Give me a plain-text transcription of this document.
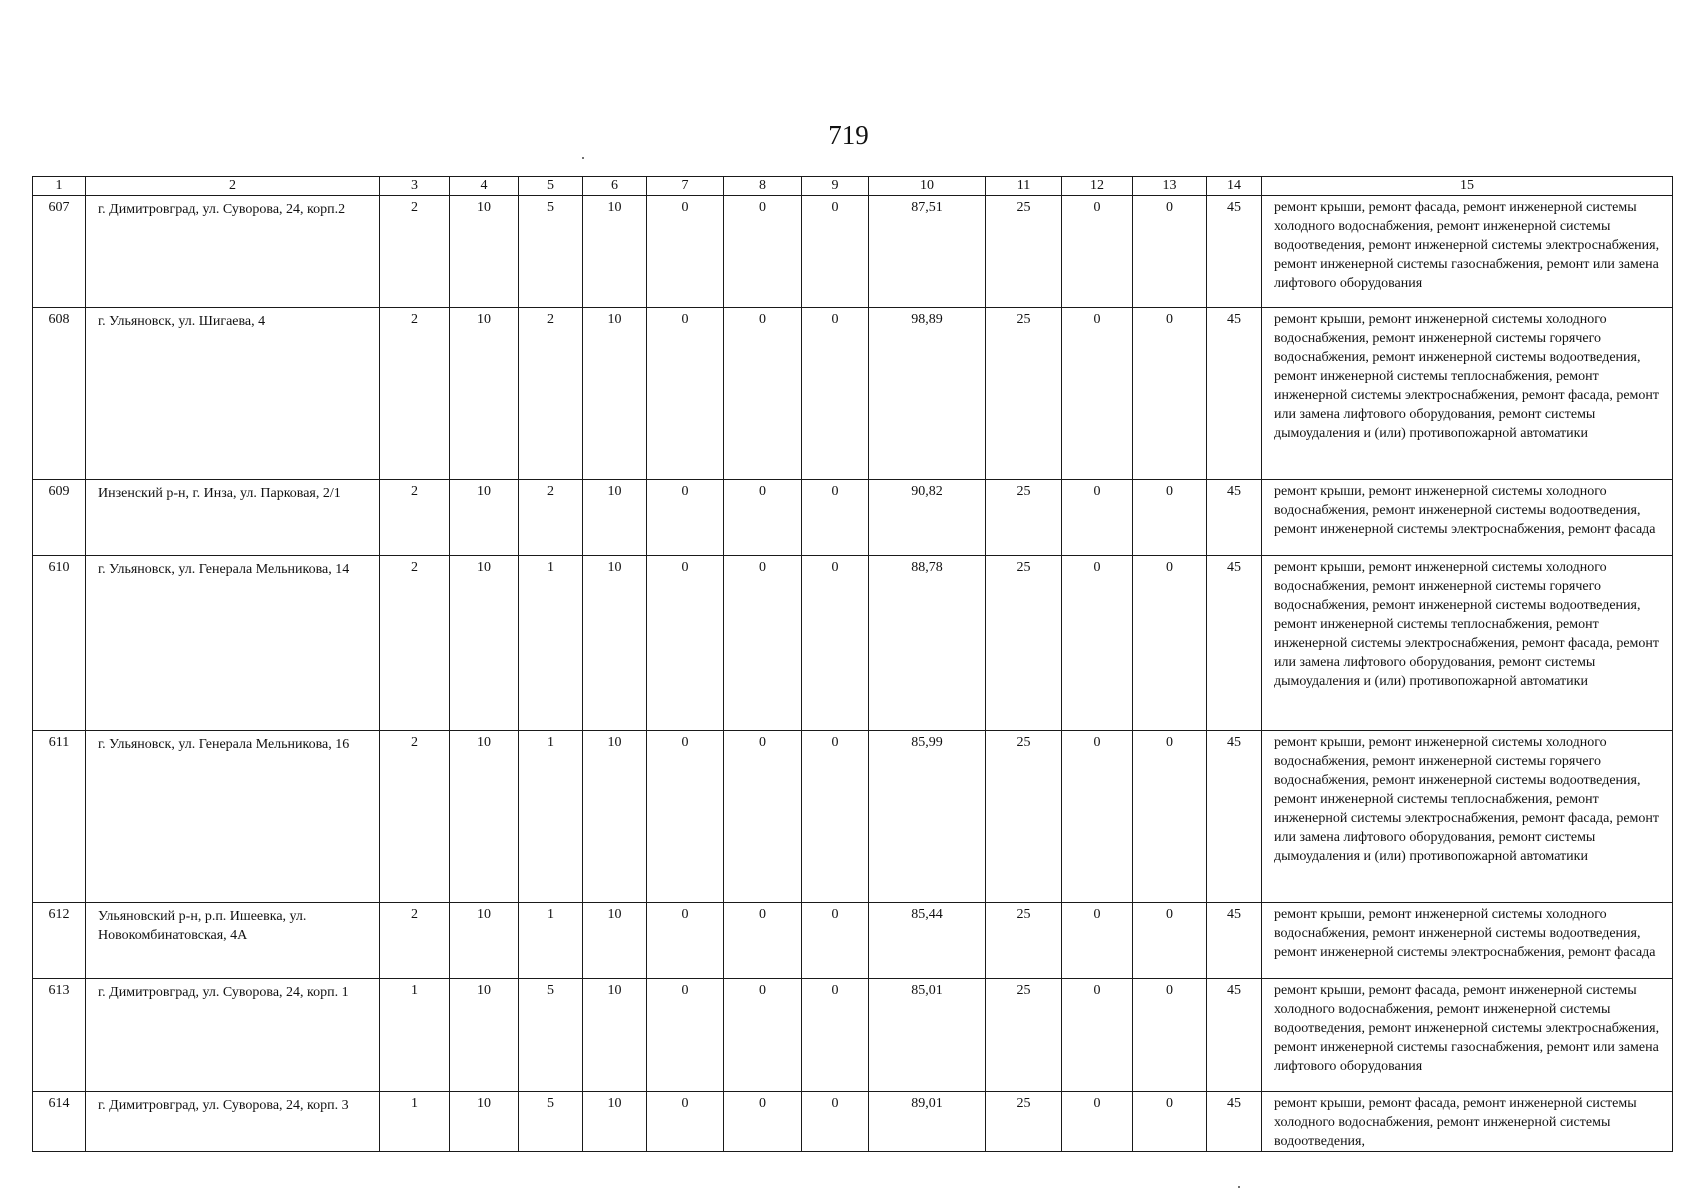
719
1	2	3	4	5	6	7	8	9	10	11	12	13	14	15
607	г. Димитровград, ул. Суворова, 24, корп.2	2	10	5	10	0	0	0	87,51	25	0	0	45	ремонт крыши, ремонт фасада, ремонт инженерной системы холодного водоснабжения, ремонт инженерной системы водоотведения, ремонт инженерной системы электроснабжения, ремонт инженерной системы газоснабжения, ремонт или замена лифтового оборудования
608	г. Ульяновск, ул. Шигаева, 4	2	10	2	10	0	0	0	98,89	25	0	0	45	ремонт крыши, ремонт инженерной системы холодного водоснабжения, ремонт инженерной системы горячего водоснабжения, ремонт инженерной системы водоотведения, ремонт инженерной системы теплоснабжения, ремонт инженерной системы электроснабжения, ремонт фасада, ремонт или замена лифтового оборудования, ремонт системы дымоудаления и (или) противопожарной автоматики
609	Инзенский р-н, г. Инза, ул. Парковая, 2/1	2	10	2	10	0	0	0	90,82	25	0	0	45	ремонт крыши, ремонт инженерной системы холодного водоснабжения, ремонт инженерной системы водоотведения, ремонт инженерной системы электроснабжения, ремонт фасада
610	г. Ульяновск, ул. Генерала Мельникова, 14	2	10	1	10	0	0	0	88,78	25	0	0	45	ремонт крыши, ремонт инженерной системы холодного водоснабжения, ремонт инженерной системы горячего водоснабжения, ремонт инженерной системы водоотведения, ремонт инженерной системы теплоснабжения, ремонт инженерной системы электроснабжения, ремонт фасада, ремонт или замена лифтового оборудования, ремонт системы дымоудаления и (или) противопожарной автоматики
611	г. Ульяновск, ул. Генерала Мельникова, 16	2	10	1	10	0	0	0	85,99	25	0	0	45	ремонт крыши, ремонт инженерной системы холодного водоснабжения, ремонт инженерной системы горячего водоснабжения, ремонт инженерной системы водоотведения, ремонт инженерной системы теплоснабжения, ремонт инженерной системы электроснабжения, ремонт фасада, ремонт или замена лифтового оборудования, ремонт системы дымоудаления и (или) противопожарной автоматики
612	Ульяновский р-н, р.п. Ишеевка, ул. Новокомбинатовская, 4А	2	10	1	10	0	0	0	85,44	25	0	0	45	ремонт крыши, ремонт инженерной системы холодного водоснабжения, ремонт инженерной системы водоотведения, ремонт инженерной системы электроснабжения, ремонт фасада
613	г. Димитровград, ул. Суворова, 24, корп. 1	1	10	5	10	0	0	0	85,01	25	0	0	45	ремонт крыши, ремонт фасада, ремонт инженерной системы холодного водоснабжения, ремонт инженерной системы водоотведения, ремонт инженерной системы электроснабжения, ремонт инженерной системы газоснабжения, ремонт или замена лифтового оборудования
614	г. Димитровград, ул. Суворова, 24, корп. 3	1	10	5	10	0	0	0	89,01	25	0	0	45	ремонт крыши, ремонт фасада, ремонт инженерной системы холодного водоснабжения, ремонт инженерной системы водоотведения,
